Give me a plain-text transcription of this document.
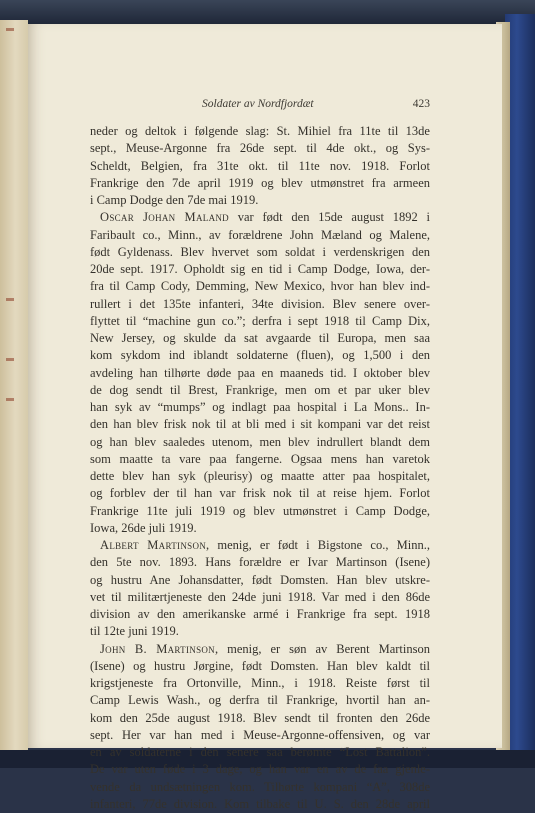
Soldater av Nordfjordæt	423
neder og deltok i følgende slag: St. Mihiel fra 11te til 13de
sept., Meuse-Argonne fra 26de sept. til 4de okt., og Sys-
Scheldt, Belgien, fra 31te okt. til 11te nov. 1918. Forlot
Frankrige den 7de april 1919 og blev utmønstret fra armeen
i Camp Dodge den 7de mai 1919.
Oscar Johan Maland var født den 15de august 1892 i
Faribault co., Minn., av forældrene John Mæland og Malene,
født Gyldenass. Blev hvervet som soldat i verdenskrigen den
20de sept. 1917. Opholdt sig en tid i Camp Dodge, Iowa, der-
fra til Camp Cody, Demming, New Mexico, hvor han blev ind-
rullert i det 135te infanteri, 34te division. Blev senere over-
flyttet til “machine gun co.”; derfra i sept 1918 til Camp Dix,
New Jersey, og skulde da sat avgaarde til Europa, men saa
kom sykdom ind iblandt soldaterne (fluen), og 1,500 i den
avdeling han tilhørte døde paa en maaneds tid. I oktober blev
de dog sendt til Brest, Frankrige, men om et par uker blev
han syk av “mumps” og indlagt paa hospital i La Mons.. In-
den han blev frisk nok til at bli med i sit kompani var det reist
og han blev saaledes utenom, men blev indrullert blandt dem
som maatte ta vare paa fangerne. Ogsaa mens han varetok
dette blev han syk (pleurisy) og maatte atter paa hospitalet,
og forblev der til han var frisk nok til at reise hjem. Forlot
Frankrige 11te juli 1919 og blev utmønstret i Camp Dodge,
Iowa, 26de juli 1919.
Albert Martinson, menig, er født i Bigstone co., Minn.,
den 5te nov. 1893. Hans forældre er Ivar Martinson (Isene)
og hustru Ane Johansdatter, født Domsten. Han blev utskre-
vet til militærtjeneste den 24de juni 1918. Var med i den 86de
division av den amerikanske armé i Frankrige fra sept. 1918
til 12te juni 1919.
John B. Martinson, menig, er søn av Berent Martinson
(Isene) og hustru Jørgine, født Domsten. Han blev kaldt til
krigstjeneste fra Ortonville, Minn., i 1918. Reiste først til
Camp Lewis Wash., og derfra til Frankrige, hvortil han an-
kom den 25de august 1918. Blev sendt til fronten den 26de
sept. Her var han med i Meuse-Argonne-offensiven, og var
en av soldaterne i den senere saa berømte “Lost Battalion”.
De var uten føde i 3 dage, og han var en av de faa gjenle-
vende da undsætningen kom. Tilhørte kompani “A”, 308de
infanteri, 77de division. Kom tilbake til U. S. den 28de april
